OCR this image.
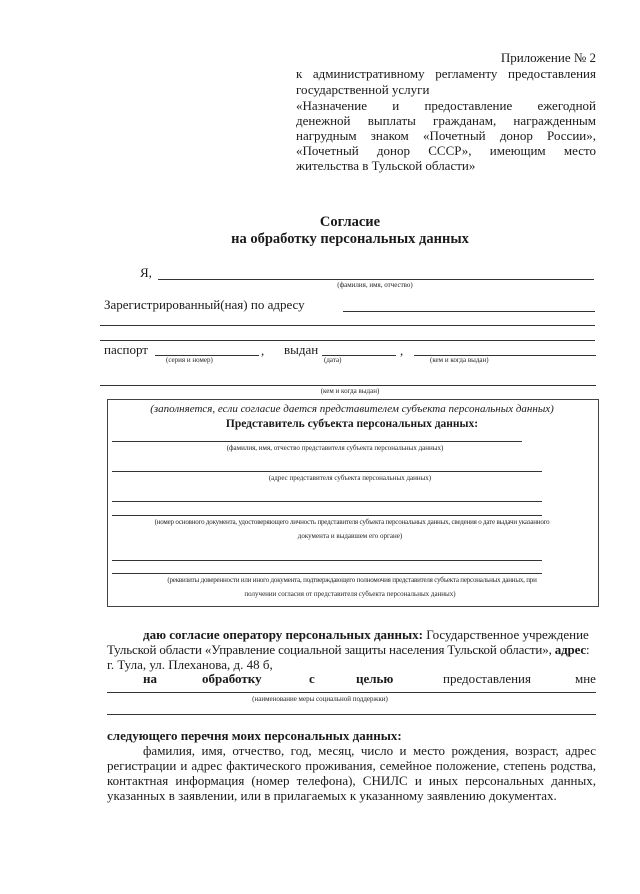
Приложение № 2
к административному регламенту предоставления
государственной услуги
«Назначение и предоставление ежегодной
денежной выплаты гражданам, награжденным
нагрудным знаком «Почетный донор России»,
«Почетный донор СССР», имеющим место
жительства в Тульской области»
Согласие
на обработку персональных данных
Я,
(фамилия, имя, отчество)
Зарегистрированный(ная) по адресу
паспорт	, выдан	,
(серия и номер)	(дата)	(кем и когда выдан)
(кем и когда выдан)
(заполняется, если согласие дается представителем субъекта персональных данных)
Представитель субъекта персональных данных:
(фамилия, имя, отчество представителя субъекта персональных данных)
(адрес представителя субъекта персональных данных)
(номер основного документа, удостоверяющего личность представителя субъекта персональных данных, сведения о дате выдачи указанного
документа и выдавшем его органе)
(реквизиты доверенности или иного документа, подтверждающего полномочия представителя субъекта персональных данных, при
получении согласия от представителя субъекта персональных данных)
даю согласие оператору персональных данных: Государственное учреждение
Тульской области «Управление социальной защиты населения Тульской области», адрес:
г. Тула, ул. Плеханова, д. 48 б,
на	обработку	с	целью	предоставления	мне
(наименование меры социальной поддержки)
следующего перечня моих персональных данных:
фамилия, имя, отчество, год, месяц, число и место рождения, возраст, адрес
регистрации и адрес фактического проживания, семейное положение, степень родства,
контактная информация (номер телефона), СНИЛС и иных персональных данных,
указанных в заявлении, или в прилагаемых к указанному заявлению документах.
